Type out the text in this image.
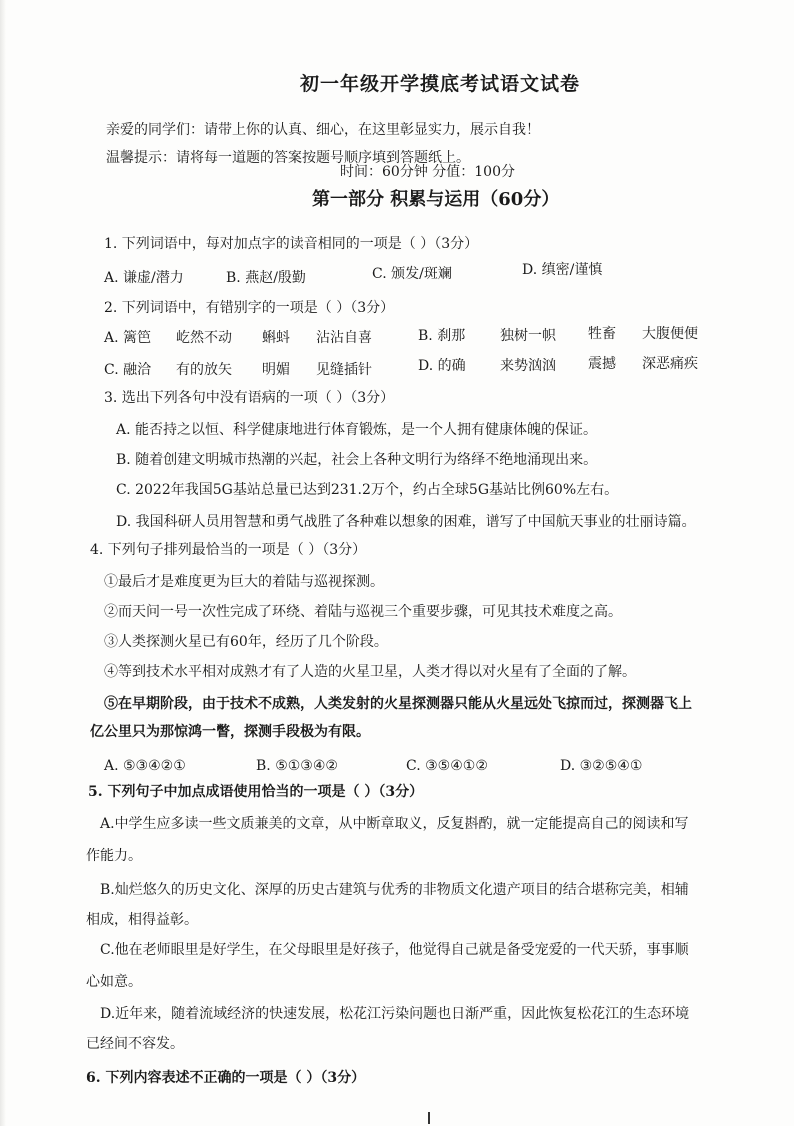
初一年级开学摸底考试语文试卷
亲爱的同学们：请带上你的认真、细心，在这里彰显实力，展示自我！
温馨提示：请将每一道题的答案按题号顺序填到答题纸上。
时间：60分钟 分值：100分
第一部分 积累与运用（60分）
1. 下列词语中，每对加点字的读音相同的一项是（ ）（3分）
A. 谦虚/潜力	B. 燕赵/殷勤	C. 颁发/斑斓	D. 缜密/谨慎
2. 下列词语中，有错别字的一项是（ ）（3分）
A. 篱笆 屹然不动 蝌蚪 沾沾自喜	B. 刹那 独树一帜 牲畜 大腹便便
C. 融洽 有的放矢 明媚 见缝插针	D. 的确 来势汹汹 震撼 深恶痛疾
3. 选出下列各句中没有语病的一项（ ）（3分）
A. 能否持之以恒、科学健康地进行体育锻炼，是一个人拥有健康体魄的保证。
B. 随着创建文明城市热潮的兴起，社会上各种文明行为络绎不绝地涌现出来。
C. 2022年我国5G基站总量已达到231.2万个，约占全球5G基站比例60%左右。
D. 我国科研人员用智慧和勇气战胜了各种难以想象的困难，谱写了中国航天事业的壮丽诗篇。
4. 下列句子排列最恰当的一项是（ ）（3分）
①最后才是难度更为巨大的着陆与巡视探测。
②而天问一号一次性完成了环绕、着陆与巡视三个重要步骤，可见其技术难度之高。
③人类探测火星已有60年，经历了几个阶段。
④等到技术水平相对成熟才有了人造的火星卫星，人类才得以对火星有了全面的了解。
⑤在早期阶段，由于技术不成熟，人类发射的火星探测器只能从火星远处飞掠而过，探测器飞上
亿公里只为那惊鸿一瞥，探测手段极为有限。
A. ⑤③④②①	B. ⑤①③④②	C. ③⑤④①②	D. ③②⑤④①
5. 下列句子中加点成语使用恰当的一项是（ ）（3分）
A.中学生应多读一些文质兼美的文章，从中断章取义，反复斟酌，就一定能提高自己的阅读和写
作能力。
B.灿烂悠久的历史文化、深厚的历史古建筑与优秀的非物质文化遗产项目的结合堪称完美，相辅
相成，相得益彰。
C.他在老师眼里是好学生，在父母眼里是好孩子，他觉得自己就是备受宠爱的一代天骄，事事顺
心如意。
D.近年来，随着流域经济的快速发展，松花江污染问题也日渐严重，因此恢复松花江的生态环境
已经间不容发。
6. 下列内容表述不正确的一项是（ ）（3分）
